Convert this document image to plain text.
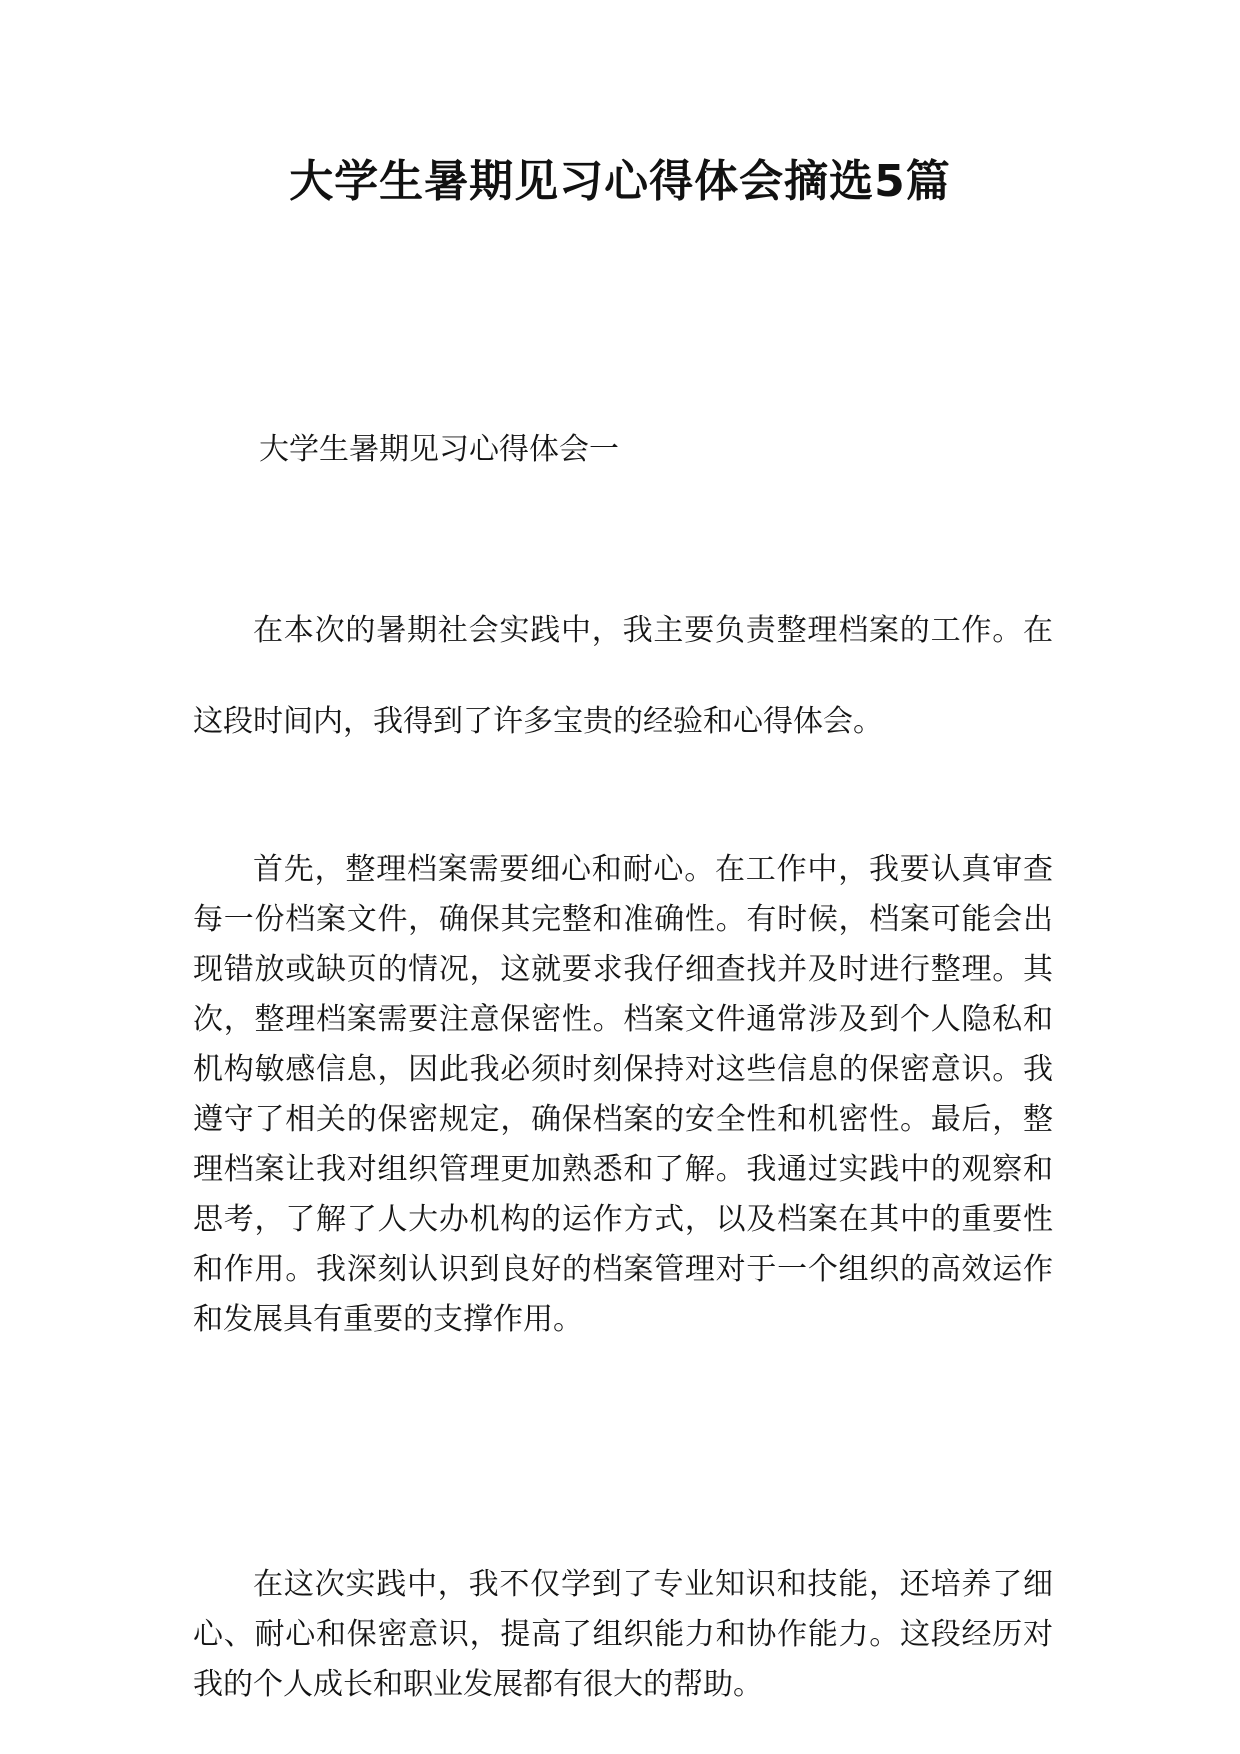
大学生暑期见习心得体会摘选5篇

大学生暑期见习心得体会一

在本次的暑期社会实践中，我主要负责整理档案的工作。在这段时间内，我得到了许多宝贵的经验和心得体会。

首先，整理档案需要细心和耐心。在工作中，我要认真审查每一份档案文件，确保其完整和准确性。有时候，档案可能会出现错放或缺页的情况，这就要求我仔细查找并及时进行整理。其次，整理档案需要注意保密性。档案文件通常涉及到个人隐私和机构敏感信息，因此我必须时刻保持对这些信息的保密意识。我遵守了相关的保密规定，确保档案的安全性和机密性。最后，整理档案让我对组织管理更加熟悉和了解。我通过实践中的观察和思考，了解了人大办机构的运作方式，以及档案在其中的重要性和作用。我深刻认识到良好的档案管理对于一个组织的高效运作和发展具有重要的支撑作用。

在这次实践中，我不仅学到了专业知识和技能，还培养了细心、耐心和保密意识，提高了组织能力和协作能力。这段经历对我的个人成长和职业发展都有很大的帮助。
